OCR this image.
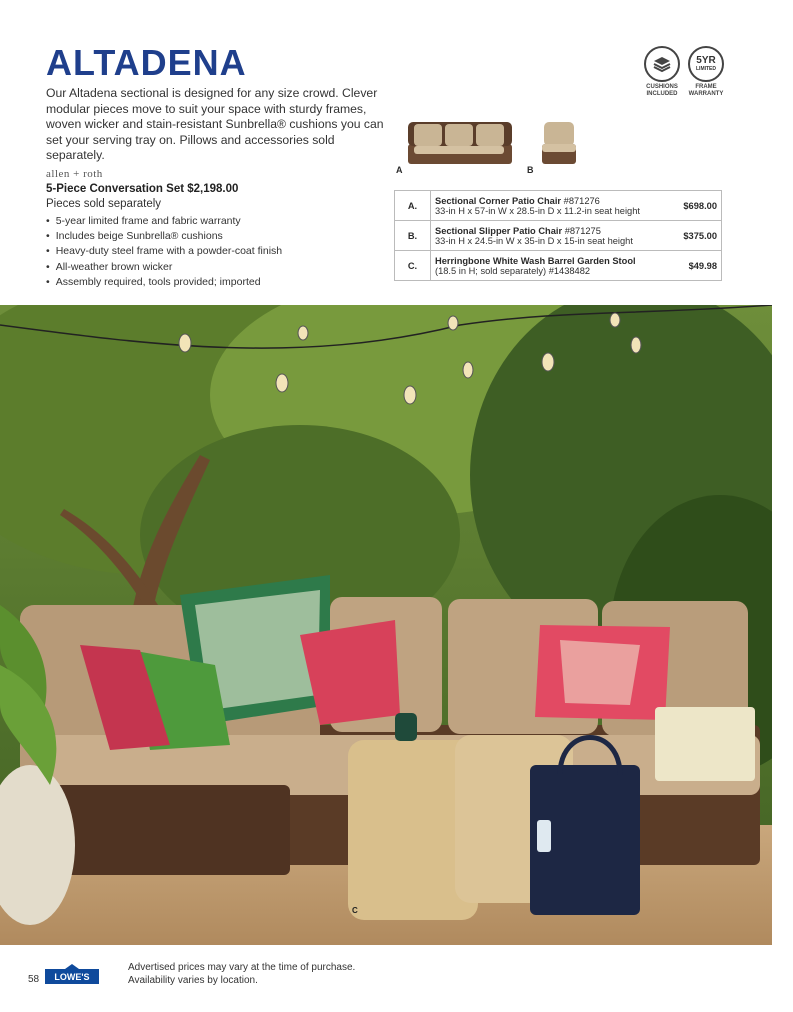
ALTADENA

Our Altadena sectional is designed for any size crowd. Clever modular pieces move to suit your space with sturdy frames, woven wicker and stain-resistant Sunbrella® cushions you can set your serving tray on. Pillows and accessories sold separately.

allen + roth
5-Piece Conversation Set $2,198.00
Pieces sold separately
• 5-year limited frame and fabric warranty
• Includes beige Sunbrella® cushions
• Heavy-duty steel frame with a powder-coat finish
• All-weather brown wicker
• Assembly required, tools provided; imported
5YR
LIMITED
CUSHIONS INCLUDED
FRAME WARRANTY
A	B
A.	Sectional Corner Patio Chair #871276
33-in H x 57-in W x 28.5-in D x 11.2-in seat height	$698.00
B.	Sectional Slipper Patio Chair #871275
33-in H x 24.5-in W x 35-in D x 15-in seat height	$375.00
C.	Herringbone White Wash Barrel Garden Stool
(18.5 in H; sold separately) #1438482	$49.98
C
58 LOWE'S
Advertised prices may vary at the time of purchase.
Availability varies by location.
